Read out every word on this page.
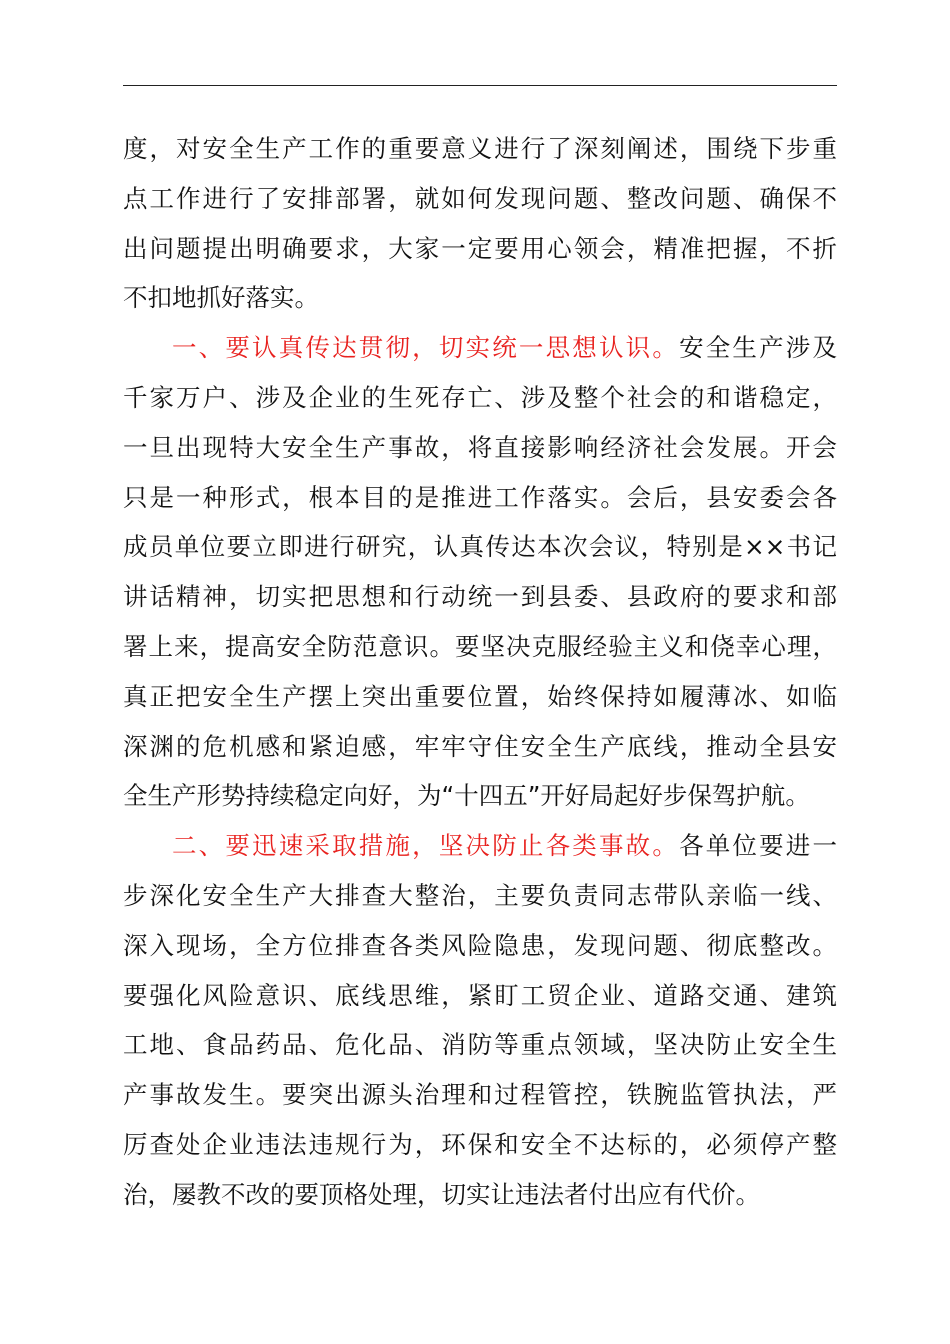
度，对安全生产工作的重要意义进行了深刻阐述，围绕下步重
点工作进行了安排部署，就如何发现问题、整改问题、确保不
出问题提出明确要求，大家一定要用心领会，精准把握，不折
不扣地抓好落实。
一、要认真传达贯彻，切实统一思想认识。安全生产涉及
千家万户、涉及企业的生死存亡、涉及整个社会的和谐稳定，
一旦出现特大安全生产事故，将直接影响经济社会发展。开会
只是一种形式，根本目的是推进工作落实。会后，县安委会各
成员单位要立即进行研究，认真传达本次会议，特别是××书记
讲话精神，切实把思想和行动统一到县委、县政府的要求和部
署上来，提高安全防范意识。要坚决克服经验主义和侥幸心理，
真正把安全生产摆上突出重要位置，始终保持如履薄冰、如临
深渊的危机感和紧迫感，牢牢守住安全生产底线，推动全县安
全生产形势持续稳定向好，为“十四五”开好局起好步保驾护航。
二、要迅速采取措施，坚决防止各类事故。各单位要进一
步深化安全生产大排查大整治，主要负责同志带队亲临一线、
深入现场，全方位排查各类风险隐患，发现问题、彻底整改。
要强化风险意识、底线思维，紧盯工贸企业、道路交通、建筑
工地、食品药品、危化品、消防等重点领域，坚决防止安全生
产事故发生。要突出源头治理和过程管控，铁腕监管执法，严
厉查处企业违法违规行为，环保和安全不达标的，必须停产整
治，屡教不改的要顶格处理，切实让违法者付出应有代价。
